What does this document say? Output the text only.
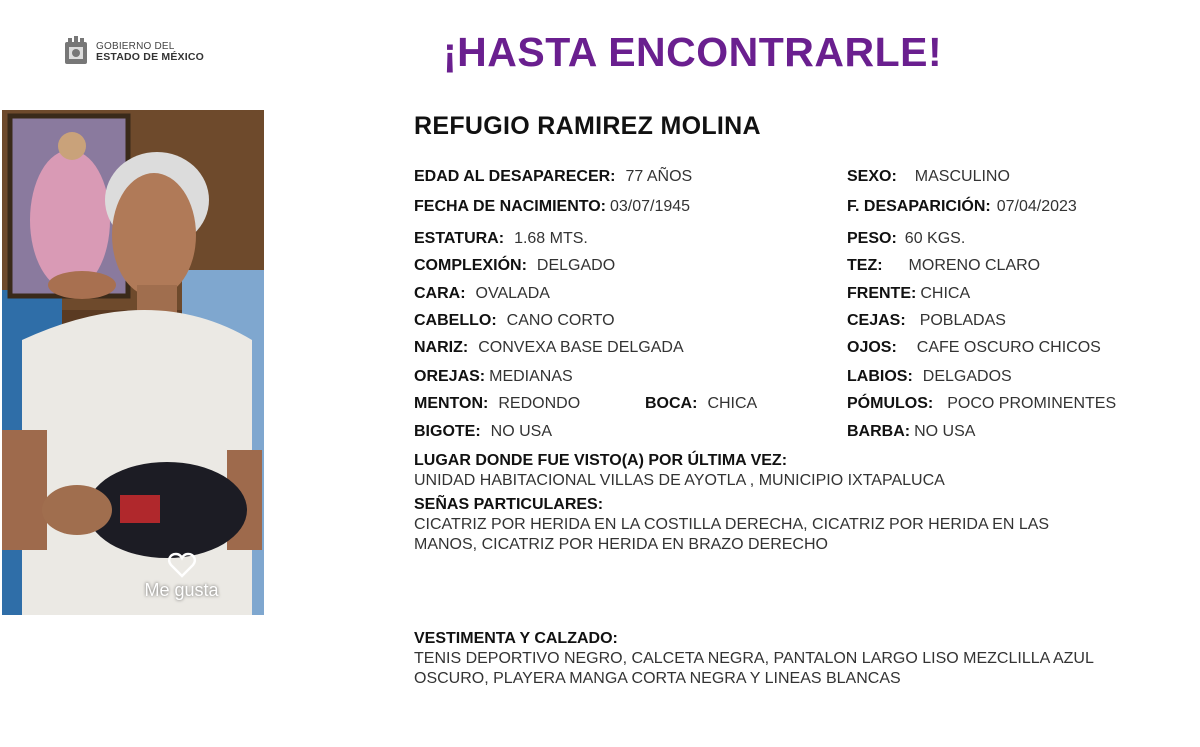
GOBIERNO DEL
ESTADO DE MÉXICO	¡HASTA ENCONTRARLE!
Me gusta
REFUGIO RAMIREZ MOLINA
EDAD AL DESAPARECER: 77 AÑOS
FECHA DE NACIMIENTO: 03/07/1945
ESTATURA: 1.68 MTS.
COMPLEXIÓN: DELGADO
CARA: OVALADA
CABELLO: CANO CORTO
NARIZ: CONVEXA BASE DELGADA
OREJAS: MEDIANAS
MENTON: REDONDO	BOCA: CHICA
BIGOTE: NO USA
SEXO: MASCULINO
F. DESAPARICIÓN: 07/04/2023
PESO: 60 KGS.
TEZ: MORENO CLARO
FRENTE: CHICA
CEJAS: POBLADAS
OJOS: CAFE OSCURO CHICOS
LABIOS: DELGADOS
PÓMULOS: POCO PROMINENTES
BARBA: NO USA
LUGAR DONDE FUE VISTO(A) POR ÚLTIMA VEZ:
UNIDAD HABITACIONAL VILLAS DE AYOTLA , MUNICIPIO IXTAPALUCA
SEÑAS PARTICULARES:
CICATRIZ POR HERIDA EN LA COSTILLA DERECHA, CICATRIZ POR HERIDA EN LAS MANOS, CICATRIZ POR HERIDA EN BRAZO DERECHO
VESTIMENTA Y CALZADO:
TENIS DEPORTIVO NEGRO, CALCETA NEGRA, PANTALON LARGO LISO MEZCLILLA AZUL OSCURO, PLAYERA MANGA CORTA NEGRA Y LINEAS BLANCAS
